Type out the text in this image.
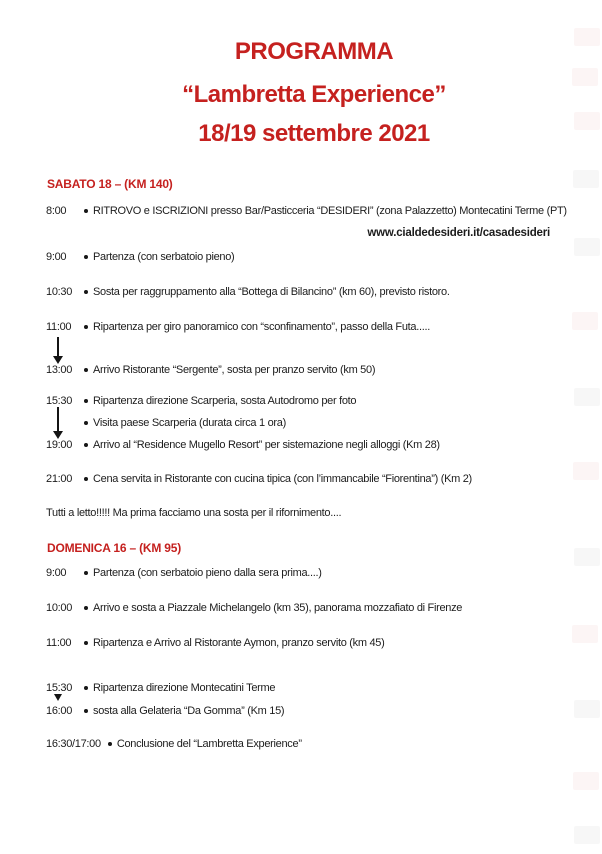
PROGRAMMA
“Lambretta Experience”
18/19 settembre 2021
SABATO 18 – (KM 140)
8:00	RITROVO e ISCRIZIONI presso Bar/Pasticceria “DESIDERI” (zona Palazzetto) Montecatini Terme (PT)
www.cialdedesideri.it/casadesideri
9:00	Partenza (con serbatoio pieno)
10:30	Sosta per raggruppamento alla “Bottega di Bilancino” (km 60), previsto ristoro.
11:00	Ripartenza per giro panoramico con “sconfinamento”, passo della Futa.....
13:00	Arrivo Ristorante “Sergente”, sosta per pranzo servito (km 50)
15:30	Ripartenza direzione Scarperia, sosta Autodromo per foto
Visita paese Scarperia (durata circa 1 ora)
19:00	Arrivo al “Residence Mugello Resort” per sistemazione negli alloggi (Km 28)
21:00	Cena servita in Ristorante con cucina tipica (con l’immancabile “Fiorentina”) (Km 2)
Tutti a letto!!!!! Ma prima facciamo una sosta per il rifornimento....
DOMENICA 16 – (KM 95)
9:00	Partenza (con serbatoio pieno dalla sera prima....)
10:00	Arrivo e sosta a Piazzale Michelangelo (km 35), panorama mozzafiato di Firenze
11:00	Ripartenza e Arrivo al Ristorante Aymon, pranzo servito (km 45)
15:30	Ripartenza direzione Montecatini Terme
16:00	sosta alla Gelateria “Da Gomma” (Km 15)
16:30/17:00 Conclusione del “Lambretta Experience”
